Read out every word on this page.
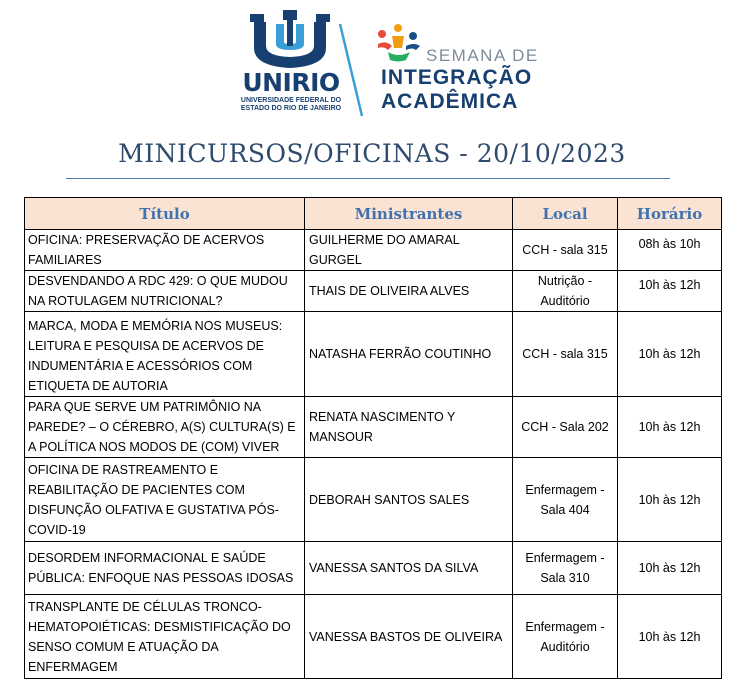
UNIRIO
UNIVERSIDADE FEDERAL DO
ESTADO DO RIO DE JANEIRO
SEMANA DE
INTEGRAÇÃO
ACADÊMICA
MINICURSOS/OFICINAS - 20/10/2023
Título	Ministrantes	Local	Horário
OFICINA: PRESERVAÇÃO DE ACERVOS FAMILIARES	GUILHERME DO AMARAL GURGEL	CCH - sala 315	08h às 10h
DESVENDANDO A RDC 429: O QUE MUDOU NA ROTULAGEM NUTRICIONAL?	THAIS DE OLIVEIRA ALVES	Nutrição - Auditório	10h às 12h
MARCA, MODA E MEMÓRIA NOS MUSEUS: LEITURA E PESQUISA DE ACERVOS DE INDUMENTÁRIA E ACESSÓRIOS COM ETIQUETA DE AUTORIA	NATASHA FERRÃO COUTINHO	CCH - sala 315	10h às 12h
PARA QUE SERVE UM PATRIMÔNIO NA PAREDE? – O CÉREBRO, A(S) CULTURA(S) E A POLÍTICA NOS MODOS DE (COM) VIVER	RENATA NASCIMENTO Y MANSOUR	CCH - Sala 202	10h às 12h
OFICINA DE RASTREAMENTO E REABILITAÇÃO DE PACIENTES COM DISFUNÇÃO OLFATIVA E GUSTATIVA PÓS-COVID-19	DEBORAH SANTOS SALES	Enfermagem - Sala 404	10h às 12h
DESORDEM INFORMACIONAL E SAÚDE PÚBLICA: ENFOQUE NAS PESSOAS IDOSAS	VANESSA SANTOS DA SILVA	Enfermagem - Sala 310	10h às 12h
TRANSPLANTE DE CÉLULAS TRONCO-HEMATOPOIÉTICAS: DESMISTIFICAÇÃO DO SENSO COMUM E ATUAÇÃO DA ENFERMAGEM	VANESSA BASTOS DE OLIVEIRA	Enfermagem - Auditório	10h às 12h
